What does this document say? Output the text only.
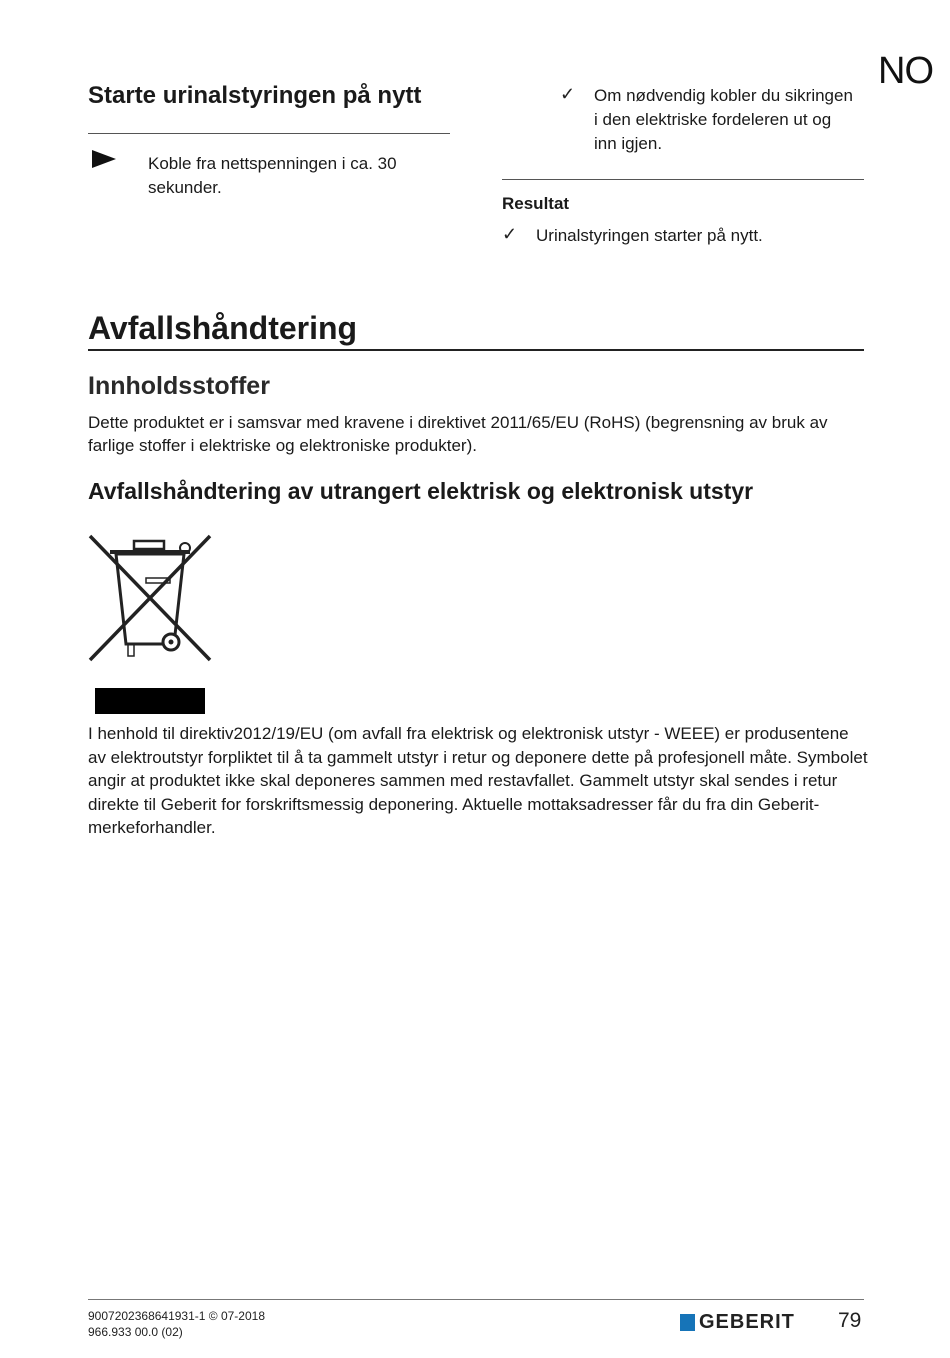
NO
Starte urinalstyringen på nytt
Koble fra nettspenningen i ca. 30 sekunder.
✓ Om nødvendig kobler du sikringen i den elektriske fordeleren ut og inn igjen.
Resultat
✓ Urinalstyringen starter på nytt.
Avfallshåndtering
Innholdsstoffer
Dette produktet er i samsvar med kravene i direktivet 2011/65/EU (RoHS) (begrensning av bruk av farlige stoffer i elektriske og elektroniske produkter).
Avfallshåndtering av utrangert elektrisk og elektronisk utstyr
I henhold til direktiv2012/19/EU (om avfall fra elektrisk og elektronisk utstyr - WEEE) er produsentene av elektroutstyr forpliktet til å ta gammelt utstyr i retur og deponere dette på profesjonell måte. Symbolet angir at produktet ikke skal deponeres sammen med restavfallet. Gammelt utstyr skal sendes i retur direkte til Geberit for forskriftsmessig deponering. Aktuelle mottaksadresser får du fra din Geberit-merkeforhandler.
9007202368641931-1 © 07-2018
966.933 00.0 (02)	GEBERIT 79
